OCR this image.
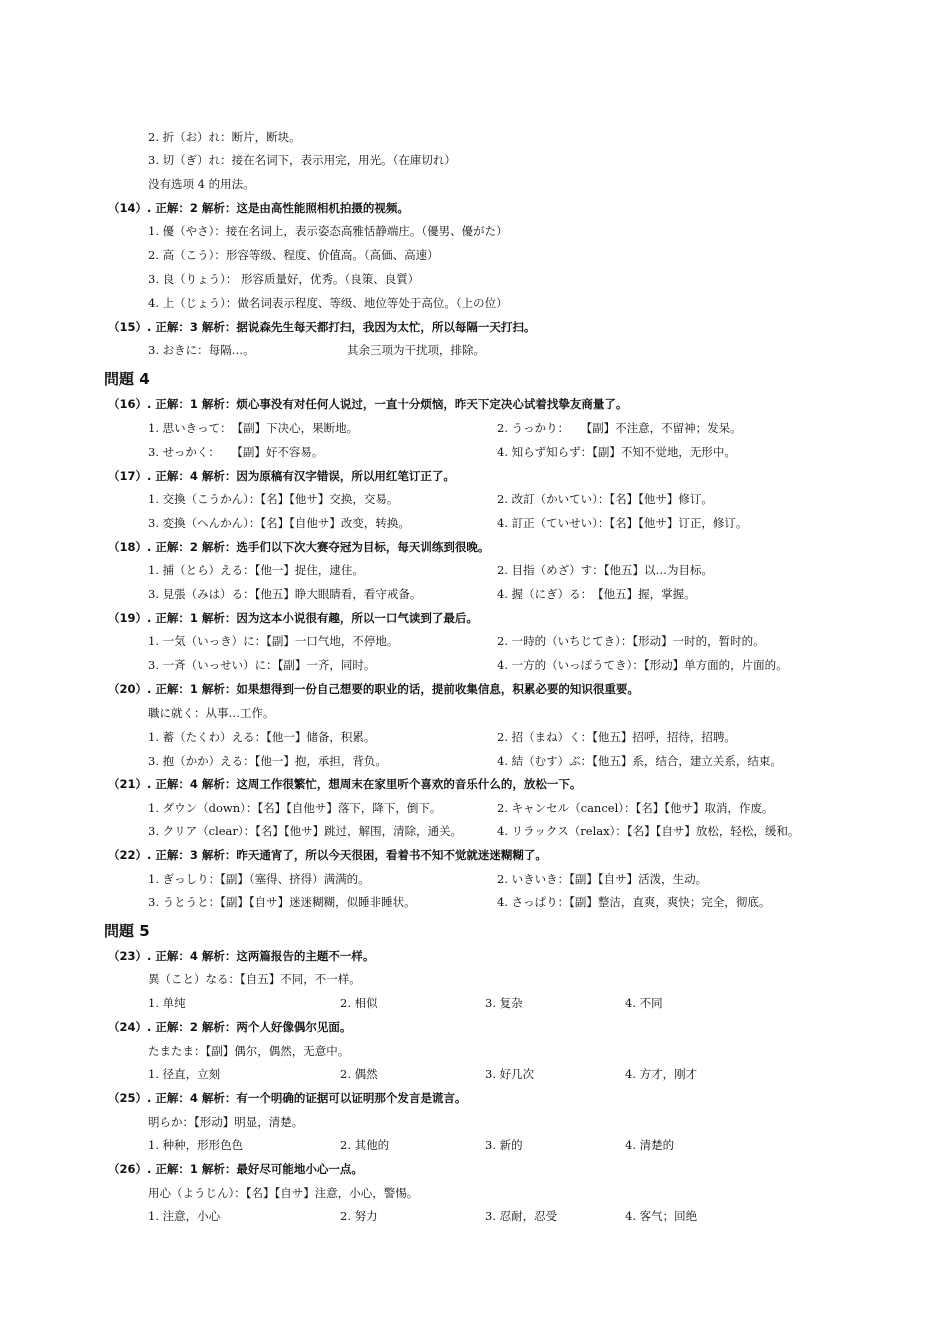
2. 折（お）れ：断片，断块。
3. 切（ぎ）れ：接在名词下，表示用完，用光。（在庫切れ）
没有选项 4 的用法。
（14）. 正解：2 解析：这是由高性能照相机拍摄的视频。
1. 優（やさ）：接在名词上，表示姿态高雅恬静端庄。（優男、優がた）
2. 高（こう）：形容等级、程度、价值高。（高価、高速）
3. 良（りょう）： 形容质量好，优秀。（良策、良質）
4. 上（じょう）：做名词表示程度、等级、地位等处于高位。（上の位）
（15）. 正解：3 解析：据说森先生每天都打扫，我因为太忙，所以每隔一天打扫。
3. おきに：每隔…。	其余三项为干扰项，排除。
問題 4
（16）. 正解：1 解析：烦心事没有对任何人说过，一直十分烦恼，昨天下定决心试着找挚友商量了。
1. 思いきって：　【副】下决心，果断地。	2. うっかり：　　【副】不注意，不留神；发呆。
3. せっかく：　　【副】好不容易。	4. 知らず知らず：【副】不知不觉地，无形中。
（17）. 正解：4 解析：因为原稿有汉字错误，所以用红笔订正了。
1. 交換（こうかん）：【名】【他サ】交换，交易。	2. 改訂（かいてい）：【名】【他サ】修订。
3. 変換（へんかん）：【名】【自他サ】改变，转换。	4. 訂正（ていせい）：【名】【他サ】订正，修订。
（18）. 正解：2 解析：选手们以下次大赛夺冠为目标，每天训练到很晚。
1. 捕（とら）える：【他一】捉住，逮住。	2. 目指（めざ）す：【他五】以…为目标。
3. 見張（みは）る：【他五】睁大眼睛看，看守戒备。	4. 握（にぎ）る：　【他五】握，掌握。
（19）. 正解：1 解析：因为这本小说很有趣，所以一口气读到了最后。
1. 一気（いっき）に：【副】一口气地，不停地。	2. 一時的（いちじてき）：【形动】一时的，暂时的。
3. 一斉（いっせい）に：【副】一齐，同时。	4. 一方的（いっぽうてき）：【形动】单方面的，片面的。
（20）. 正解：1 解析：如果想得到一份自己想要的职业的话，提前收集信息，积累必要的知识很重要。
職に就く：从事…工作。
1. 蓄（たくわ）える：【他一】储备，积累。	2. 招（まね）く：【他五】招呼，招待，招聘。
3. 抱（かか）える：【他一】抱，承担，背负。	4. 結（むす）ぶ：【他五】系，结合，建立关系，结束。
（21）. 正解：4 解析：这周工作很繁忙，想周末在家里听个喜欢的音乐什么的，放松一下。
1. ダウン（down）：【名】【自他サ】落下，降下，倒下。	2. キャンセル（cancel）：【名】【他サ】取消，作废。
3. クリア（clear）：【名】【他サ】跳过，解围，清除，通关。	4. リラックス（relax）：【名】【自サ】放松，轻松，缓和。
（22）. 正解：3 解析：昨天通宵了，所以今天很困，看着书不知不觉就迷迷糊糊了。
1. ぎっしり：【副】（塞得、挤得）满满的。	2. いきいき：【副】【自サ】活泼，生动。
3. うとうと：【副】【自サ】迷迷糊糊，似睡非睡状。	4. さっぱり：【副】整洁，直爽，爽快；完全，彻底。
問題 5
（23）. 正解：4 解析：这两篇报告的主题不一样。
異（こと）なる：【自五】不同，不一样。
1. 单纯	2. 相似	3. 复杂	4. 不同
（24）. 正解：2 解析：两个人好像偶尔见面。
たまたま：【副】偶尔，偶然，无意中。
1. 径直，立刻	2. 偶然	3. 好几次	4. 方才，刚才
（25）. 正解：4 解析：有一个明确的证据可以证明那个发言是谎言。
明らか：【形动】明显，清楚。
1. 种种，形形色色	2. 其他的	3. 新的	4. 清楚的
（26）. 正解：1 解析：最好尽可能地小心一点。
用心（ようじん）：【名】【自サ】注意，小心，警惕。
1. 注意，小心	2. 努力	3. 忍耐，忍受	4. 客气；回绝
